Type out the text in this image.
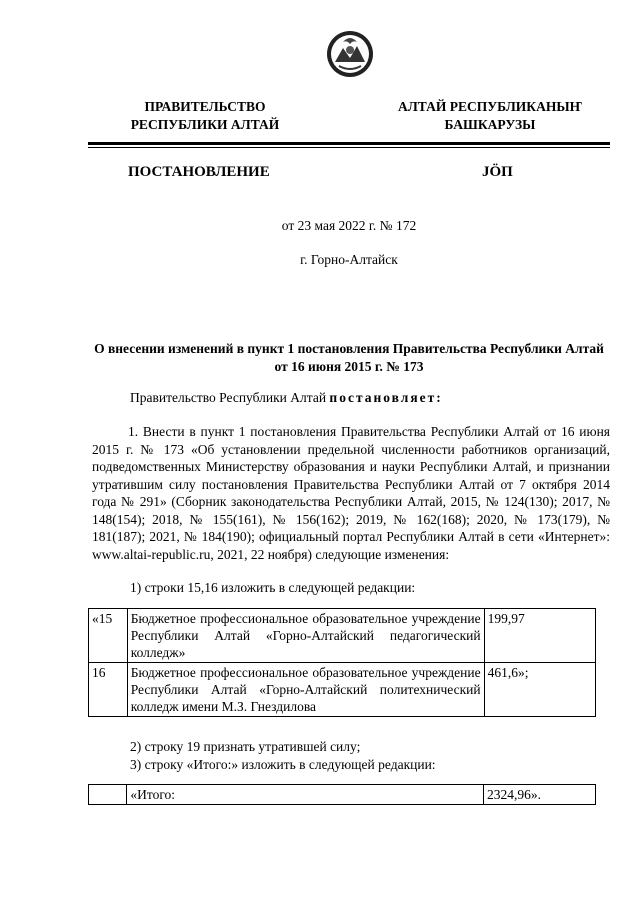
ПРАВИТЕЛЬСТВО
РЕСПУБЛИКИ АЛТАЙ
АЛТАЙ РЕСПУБЛИКАНЫҤ
БАШКАРУЗЫ
ПОСТАНОВЛЕНИЕ	JÖП
от 23 мая 2022 г. № 172
г. Горно-Алтайск
О внесении изменений в пункт 1 постановления Правительства Республики Алтай от 16 июня 2015 г. № 173
Правительство Республики Алтай постановляет:
1. Внести в пункт 1 постановления Правительства Республики Алтай от 16 июня 2015 г. № 173 «Об установлении предельной численности работников организаций, подведомственных Министерству образования и науки Республики Алтай, и признании утратившим силу постановления Правительства Республики Алтай от 7 октября 2014 года № 291» (Сборник законодательства Республики Алтай, 2015, № 124(130); 2017, № 148(154); 2018, № 155(161), № 156(162); 2019, № 162(168); 2020, № 173(179), № 181(187); 2021, № 184(190); официальный портал Республики Алтай в сети «Интернет»: www.altai-republic.ru, 2021, 22 ноября) следующие изменения:
1) строки 15,16 изложить в следующей редакции:
«15	Бюджетное профессиональное образовательное учреждение Республики Алтай «Горно-Алтайский педагогический колледж»	199,97
16	Бюджетное профессиональное образовательное учреждение Республики Алтай «Горно-Алтайский политехнический колледж имени М.З. Гнездилова	461,6»;
2) строку 19 признать утратившей силу;
3) строку «Итого:» изложить в следующей редакции:
	«Итого:	2324,96».
